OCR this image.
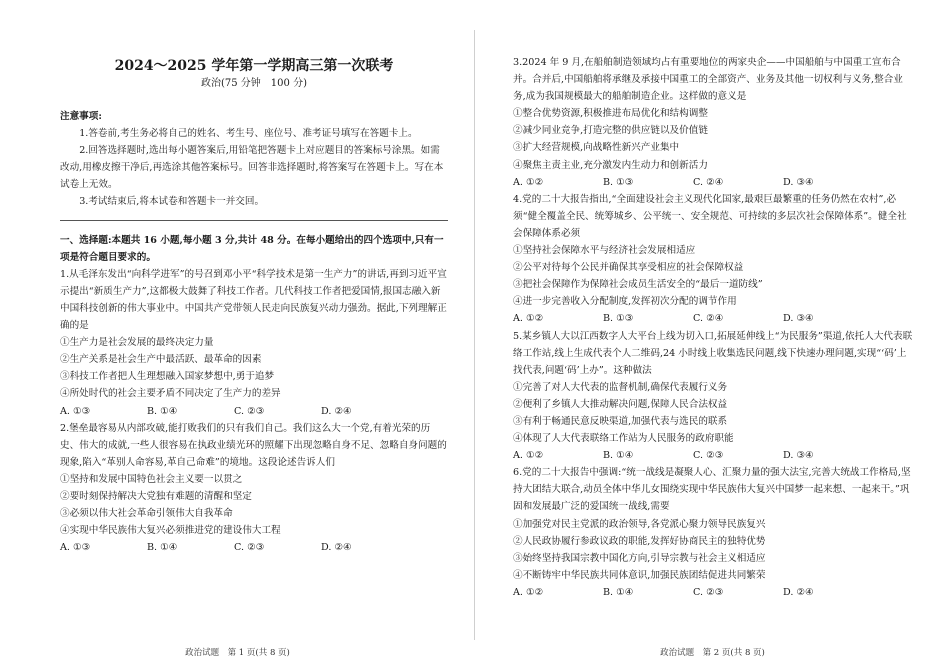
2024～2025 学年第一学期高三第一次联考
政治(75 分钟　100 分)
注意事项:

1.答卷前,考生务必将自己的姓名、考生号、座位号、准考证号填写在答题卡上。

2.回答选择题时,选出每小题答案后,用铅笔把答题卡上对应题目的答案标号涂黑。如需改动,用橡皮擦干净后,再选涂其他答案标号。回答非选择题时,将答案写在答题卡上。写在本试卷上无效。

3.考试结束后,将本试卷和答题卡一并交回。

一、选择题:本题共 16 小题,每小题 3 分,共计 48 分。在每小题给出的四个选项中,只有一项是符合题目要求的。

1.从毛泽东发出“向科学进军”的号召到邓小平“科学技术是第一生产力”的讲话,再到习近平宣示提出“新质生产力”,这都极大鼓舞了科技工作者。几代科技工作者把爱国情,报国志融入新中国科技创新的伟大事业中。中国共产党带领人民走向民族复兴动力强劲。据此,下列理解正确的是

①生产力是社会发展的最终决定力量

②生产关系是社会生产中最活跃、最革命的因素

③科技工作者把人生理想融入国家梦想中,勇于追梦

④所处时代的社会主要矛盾不同决定了生产力的差异

A. ①③	B. ①④	C. ②③	D. ②④

2.堡垒最容易从内部攻破,能打败我们的只有我们自己。我们这么大一个党,有着光荣的历史、伟大的成就,一些人很容易在执政业绩光环的照耀下出现忽略自身不足、忽略自身问题的现象,陷入“革别人命容易,革自己命难”的境地。这段论述告诉人们

①坚持和发展中国特色社会主义要一以贯之

②要时刻保持解决大党独有难题的清醒和坚定

③必须以伟大社会革命引领伟大自我革命

④实现中华民族伟大复兴必须推进党的建设伟大工程

A. ①③	B. ①④	C. ②③	D. ②④
政治试题　第 1 页(共 8 页)

3.2024 年 9 月,在船舶制造领域均占有重要地位的两家央企——中国船舶与中国重工宣布合并。合并后,中国船舶将承继及承接中国重工的全部资产、业务及其他一切权利与义务,整合业务,成为我国规模最大的船舶制造企业。这样做的意义是

①整合优势资源,积极推进布局优化和结构调整

②减少同业竞争,打造完整的供应链以及价值链

③扩大经营规模,向战略性新兴产业集中

④聚焦主责主业,充分激发内生动力和创新活力

A. ①②	B. ①③	C. ②④	D. ③④

4.党的二十大报告指出,“全面建设社会主义现代化国家,最艰巨最繁重的任务仍然在农村”,必须“健全覆盖全民、统筹城乡、公平统一、安全规范、可持续的多层次社会保障体系”。健全社会保障体系必须

①坚持社会保障水平与经济社会发展相适应

②公平对待每个公民并确保其享受相应的社会保障权益

③把社会保障作为保障社会成员生活安全的“最后一道防线”

④进一步完善收入分配制度,发挥初次分配的调节作用

A. ①②	B. ①③	C. ②④	D. ③④

5.某乡镇人大以江西数字人大平台上线为切入口,拓展延伸线上“为民服务”渠道,依托人大代表联络工作站,线上生成代表个人二维码,24 小时线上收集选民问题,线下快速办理问题,实现“‘码’上找代表,问题‘码’上办”。这种做法

①完善了对人大代表的监督机制,确保代表履行义务

②便利了乡镇人大推动解决问题,保障人民合法权益

③有利于畅通民意反映渠道,加强代表与选民的联系

④体现了人大代表联络工作站为人民服务的政府职能

A. ①②	B. ①④	C. ②③	D. ③④

6.党的二十大报告中强调:“统一战线是凝聚人心、汇聚力量的强大法宝,完善大统战工作格局,坚持大团结大联合,动员全体中华儿女围绕实现中华民族伟大复兴中国梦一起来想、一起来干。”巩固和发展最广泛的爱国统一战线,需要

①加强党对民主党派的政治领导,各党派心聚力领导民族复兴

②人民政协履行参政议政的职能,发挥好协商民主的独特优势

③始终坚持我国宗教中国化方向,引导宗教与社会主义相适应

④不断铸牢中华民族共同体意识,加强民族团结促进共同繁荣

A. ①②	B. ①④	C. ②③	D. ②④
政治试题　第 2 页(共 8 页)
